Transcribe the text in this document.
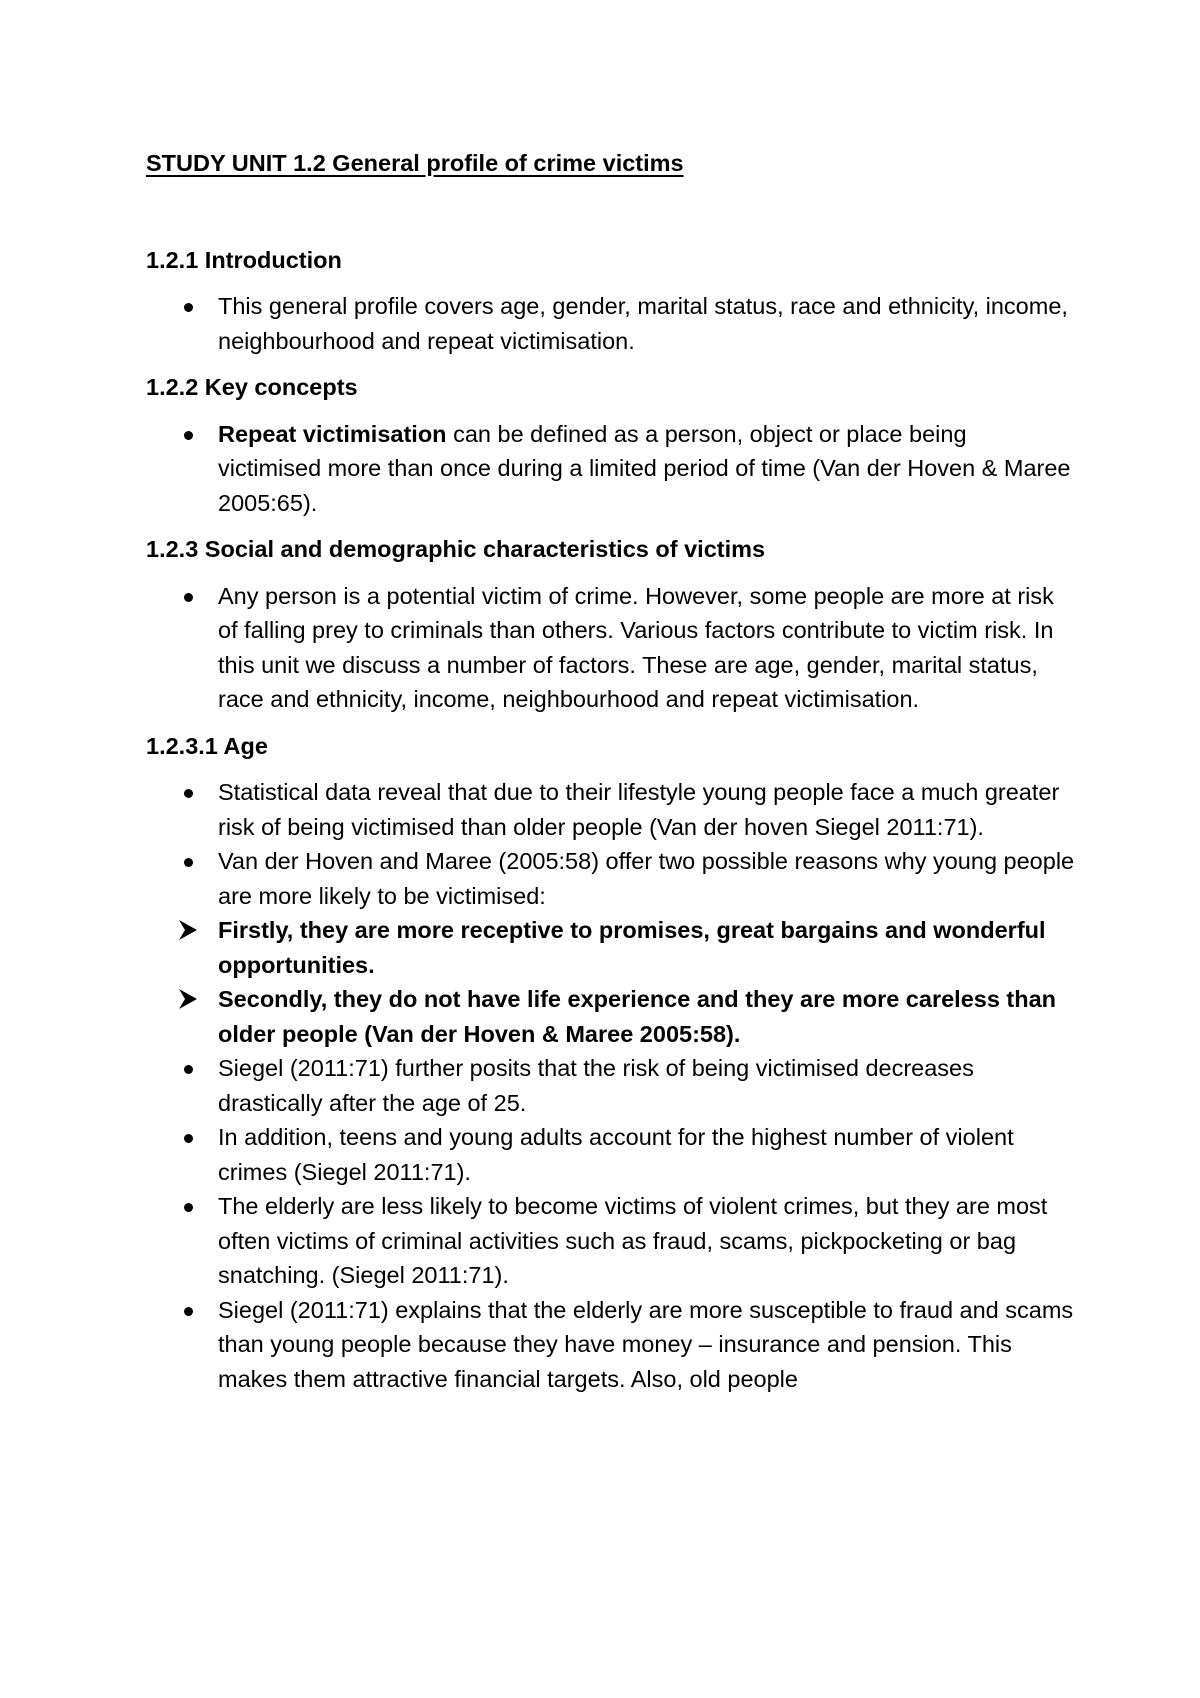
STUDY UNIT 1.2 General profile of crime victims
1.2.1 Introduction
This general profile covers age, gender, marital status, race and ethnicity, income, neighbourhood and repeat victimisation.
1.2.2 Key concepts
Repeat victimisation can be defined as a person, object or place being victimised more than once during a limited period of time (Van der Hoven & Maree 2005:65).
1.2.3 Social and demographic characteristics of victims
Any person is a potential victim of crime. However, some people are more at risk of falling prey to criminals than others. Various factors contribute to victim risk. In this unit we discuss a number of factors. These are age, gender, marital status, race and ethnicity, income, neighbourhood and repeat victimisation.
1.2.3.1 Age
Statistical data reveal that due to their lifestyle young people face a much greater risk of being victimised than older people (Van der hoven Siegel 2011:71).
Van der Hoven and Maree (2005:58) offer two possible reasons why young people are more likely to be victimised:
Firstly, they are more receptive to promises, great bargains and wonderful opportunities.
Secondly, they do not have life experience and they are more careless than older people (Van der Hoven & Maree 2005:58).
Siegel (2011:71) further posits that the risk of being victimised decreases drastically after the age of 25.
In addition, teens and young adults account for the highest number of violent crimes (Siegel 2011:71).
The elderly are less likely to become victims of violent crimes, but they are most often victims of criminal activities such as fraud, scams, pickpocketing or bag snatching. (Siegel 2011:71).
Siegel (2011:71) explains that the elderly are more susceptible to fraud and scams than young people because they have money – insurance and pension. This makes them attractive financial targets. Also, old people
